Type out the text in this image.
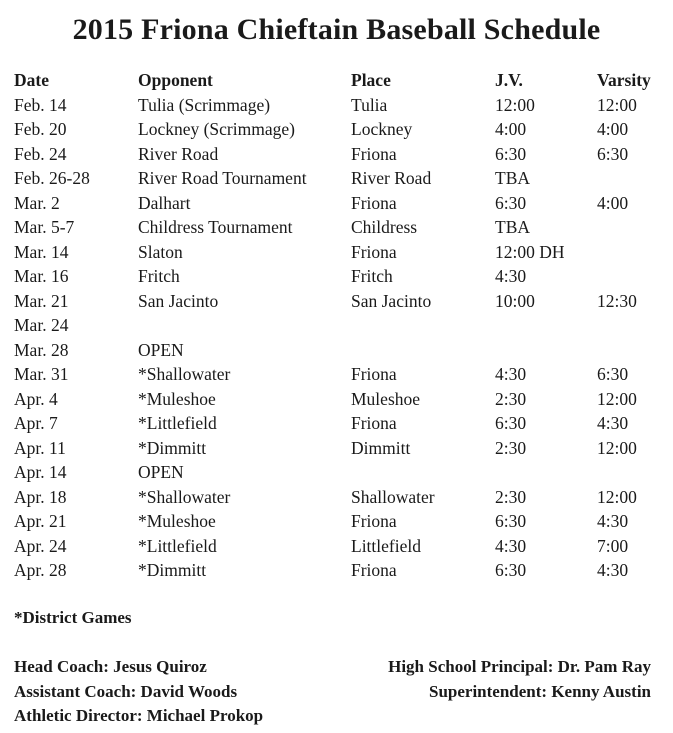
2015 Friona Chieftain Baseball Schedule
Date	Opponent	Place	J.V.	Varsity
Feb. 14	Tulia (Scrimmage)	Tulia	12:00	12:00
Feb. 20	Lockney (Scrimmage)	Lockney	4:00	4:00
Feb. 24	River Road	Friona	6:30	6:30
Feb. 26-28	River Road Tournament	River Road	TBA
Mar. 2	Dalhart	Friona	6:30	4:00
Mar. 5-7	Childress Tournament	Childress	TBA
Mar. 14	Slaton	Friona	12:00 DH
Mar. 16	Fritch	Fritch	4:30
Mar. 21	San Jacinto	San Jacinto	10:00	12:30
Mar. 24
Mar. 28	OPEN
Mar. 31	*Shallowater	Friona	4:30	6:30
Apr. 4	*Muleshoe	Muleshoe	2:30	12:00
Apr. 7	*Littlefield	Friona	6:30	4:30
Apr. 11	*Dimmitt	Dimmitt	2:30	12:00
Apr. 14	OPEN
Apr. 18	*Shallowater	Shallowater	2:30	12:00
Apr. 21	*Muleshoe	Friona	6:30	4:30
Apr. 24	*Littlefield	Littlefield	4:30	7:00
Apr. 28	*Dimmitt	Friona	6:30	4:30
*District Games
Head Coach: Jesus Quiroz
Assistant Coach: David Woods
Athletic Director: Michael Prokop
High School Principal: Dr. Pam Ray
Superintendent: Kenny Austin
